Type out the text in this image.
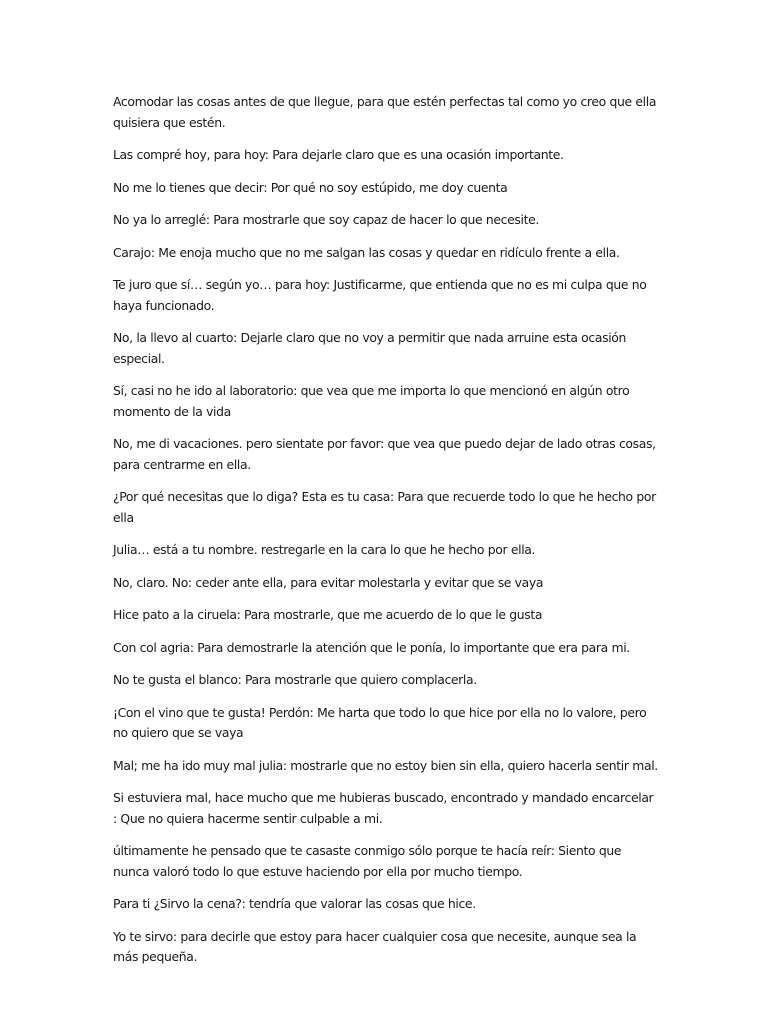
Acomodar las cosas antes de que llegue, para que estén perfectas tal como yo creo que ella quisiera que estén.

Las compré hoy, para hoy: Para dejarle claro que es una ocasión importante.

No me lo tienes que decir: Por qué no soy estúpido, me doy cuenta

No ya lo arreglé: Para mostrarle que soy capaz de hacer lo que necesite.

Carajo: Me enoja mucho que no me salgan las cosas y quedar en ridículo frente a ella.

Te juro que sí… según yo… para hoy: Justificarme, que entienda que no es mi culpa que no haya funcionado.

No, la llevo al cuarto: Dejarle claro que no voy a permitir que nada arruine esta ocasión especial.

Sí, casi no he ido al laboratorio: que vea que me importa lo que mencionó en algún otro momento de la vida

No, me di vacaciones. pero sientate por favor: que vea que puedo dejar de lado otras cosas, para centrarme en ella.

¿Por qué necesitas que lo diga? Esta es tu casa: Para que recuerde todo lo que he hecho por ella

Julia… está a tu nombre. restregarle en la cara lo que he hecho por ella.

No, claro. No: ceder ante ella, para evitar molestarla y evitar que se vaya

Hice pato a la ciruela: Para mostrarle, que me acuerdo de lo que le gusta

Con col agria: Para demostrarle la atención que le ponía, lo importante que era para mi.

No te gusta el blanco: Para mostrarle que quiero complacerla.

¡Con el vino que te gusta! Perdón: Me harta que todo lo que hice por ella no lo valore, pero no quiero que se vaya

Mal; me ha ido muy mal julia: mostrarle que no estoy bien sin ella, quiero hacerla sentir mal.

Si estuviera mal, hace mucho que me hubieras buscado, encontrado y mandado encarcelar : Que no quiera hacerme sentir culpable a mi.

últimamente he pensado que te casaste conmigo sólo porque te hacía reír: Siento que nunca valoró todo lo que estuve haciendo por ella por mucho tiempo.

Para ti ¿Sirvo la cena?: tendría que valorar las cosas que hice.

Yo te sirvo: para decirle que estoy para hacer cualquier cosa que necesite, aunque sea la más pequeña.
